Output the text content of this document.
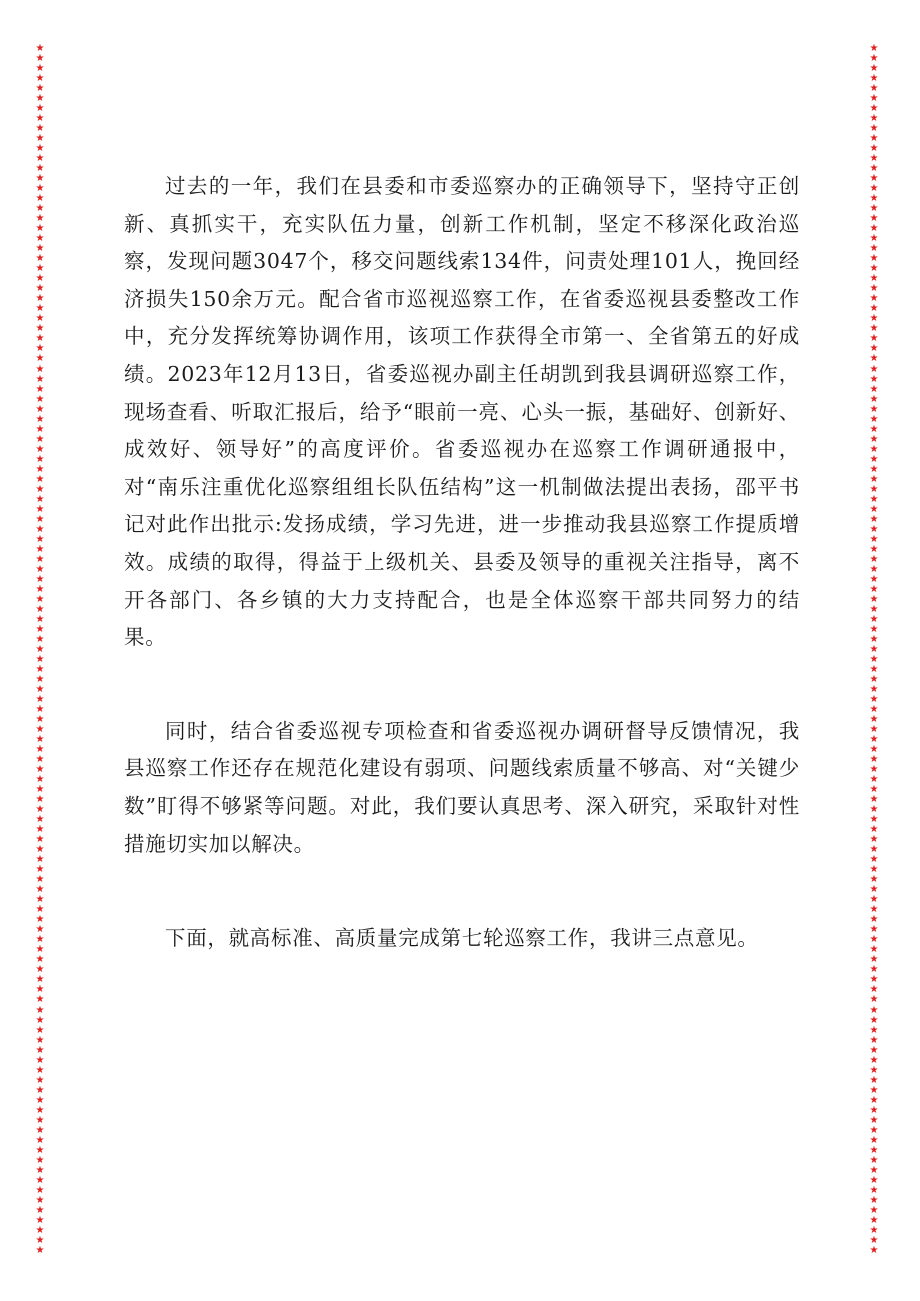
★
★
★
★
★
★
★
★
★
★
★
★
★
★
★
★
★
★
★
★
★
★
★
★
★
★
★
★
★
★
★
★
★
★
★
★
★
★
★
★
★
★
★
★
★
★
★
★
★
★
★
★
★
★
★
★
★
★
★
★
★
★
★
★
★
★
★
★
★
★
★
★
★
★
★
★
★
★
★
★
★
★
★
★
★
★
★
★
★
★
★
★
★
★
★
★
★
★
★
★
★
★
★
★
★
★
★
★
★
★
★
★
★
★
★
★
★
★
★
★
★
★
★
★
★
★
★
★
★
★
★
★
★
★
★
★
★
★
★
★
★
★
★
★
★
★
★
★
★
★
★
★
★
★
★
★
★
★
★
★
★
★
★
★
★
★
★
★
★
★
★
★
★
★
★
★
★
★
★
★
★
★
★
★
★
★
★
★
★
★
★
★
★
★
★
★
★
★
★
★
★
★
★
★
★
★
★
★
★
★
★
★
★
★
★
★
★
★
★
★
★
★
★
★
★
★
★
★
★
★
★
★
★
★
★
★
★
★
★
★
★
★

过去的一年，我们在县委和市委巡察办的正确领导下，坚持守正创新、真抓实干，充实队伍力量，创新工作机制，坚定不移深化政治巡察，发现问题3047个，移交问题线索134件，问责处理101人，挽回经济损失150余万元。配合省市巡视巡察工作，在省委巡视县委整改工作中，充分发挥统筹协调作用，该项工作获得全市第一、全省第五的好成绩。2023年12月13日，省委巡视办副主任胡凯到我县调研巡察工作，现场查看、听取汇报后，给予“眼前一亮、心头一振，基础好、创新好、成效好、领导好”的高度评价。省委巡视办在巡察工作调研通报中，对“南乐注重优化巡察组组长队伍结构”这一机制做法提出表扬，邵平书记对此作出批示:发扬成绩，学习先进，进一步推动我县巡察工作提质增效。成绩的取得，得益于上级机关、县委及领导的重视关注指导，离不开各部门、各乡镇的大力支持配合，也是全体巡察干部共同努力的结果。

同时，结合省委巡视专项检查和省委巡视办调研督导反馈情况，我县巡察工作还存在规范化建设有弱项、问题线索质量不够高、对“关键少数”盯得不够紧等问题。对此，我们要认真思考、深入研究，采取针对性措施切实加以解决。

下面，就高标准、高质量完成第七轮巡察工作，我讲三点意见。
